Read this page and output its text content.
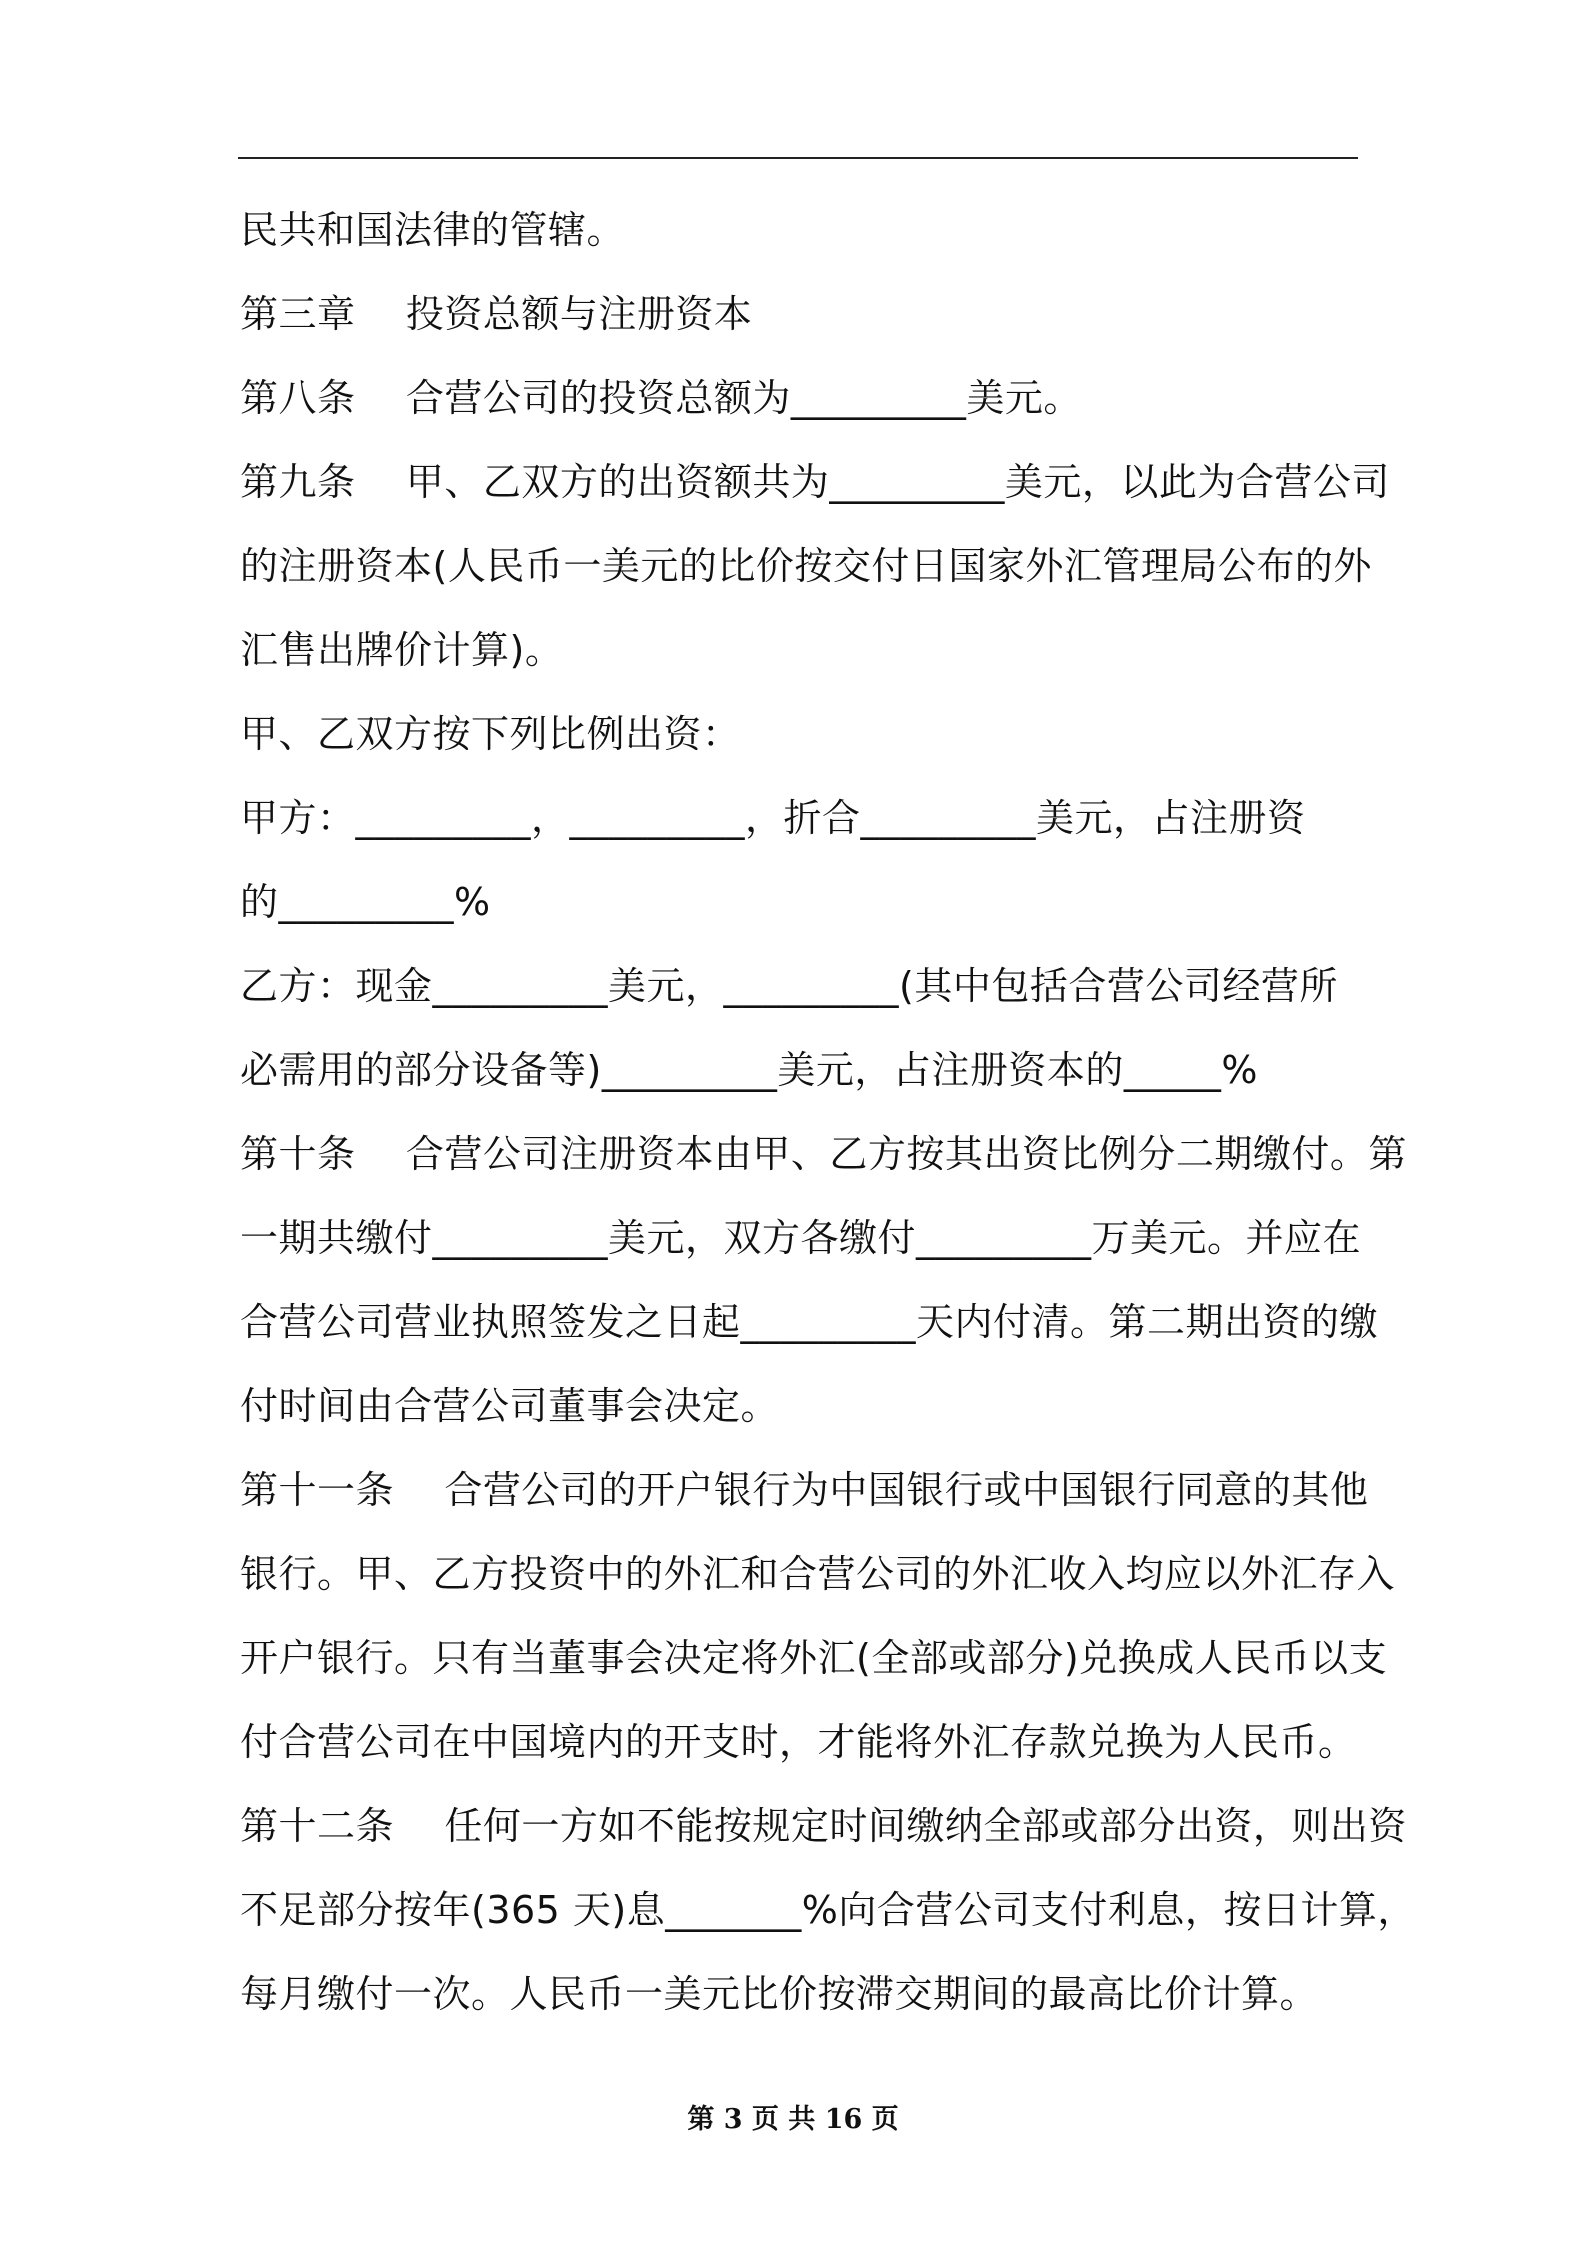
民共和国法律的管辖。
第三章    投资总额与注册资本
第八条    合营公司的投资总额为_________美元。
第九条    甲、乙双方的出资额共为_________美元，以此为合营公司
的注册资本(人民币一美元的比价按交付日国家外汇管理局公布的外
汇售出牌价计算)。
甲、乙双方按下列比例出资：
甲方：_________，_________，折合_________美元，占注册资
的_________%
乙方：现金_________美元，_________(其中包括合营公司经营所
必需用的部分设备等)_________美元，占注册资本的_____%
第十条    合营公司注册资本由甲、乙方按其出资比例分二期缴付。第
一期共缴付_________美元，双方各缴付_________万美元。并应在
合营公司营业执照签发之日起_________天内付清。第二期出资的缴
付时间由合营公司董事会决定。
第十一条    合营公司的开户银行为中国银行或中国银行同意的其他
银行。甲、乙方投资中的外汇和合营公司的外汇收入均应以外汇存入
开户银行。只有当董事会决定将外汇(全部或部分)兑换成人民币以支
付合营公司在中国境内的开支时，才能将外汇存款兑换为人民币。
第十二条    任何一方如不能按规定时间缴纳全部或部分出资，则出资
不足部分按年(365 天)息_______%向合营公司支付利息，按日计算，
每月缴付一次。人民币一美元比价按滞交期间的最高比价计算。
第 3 页 共 16 页
